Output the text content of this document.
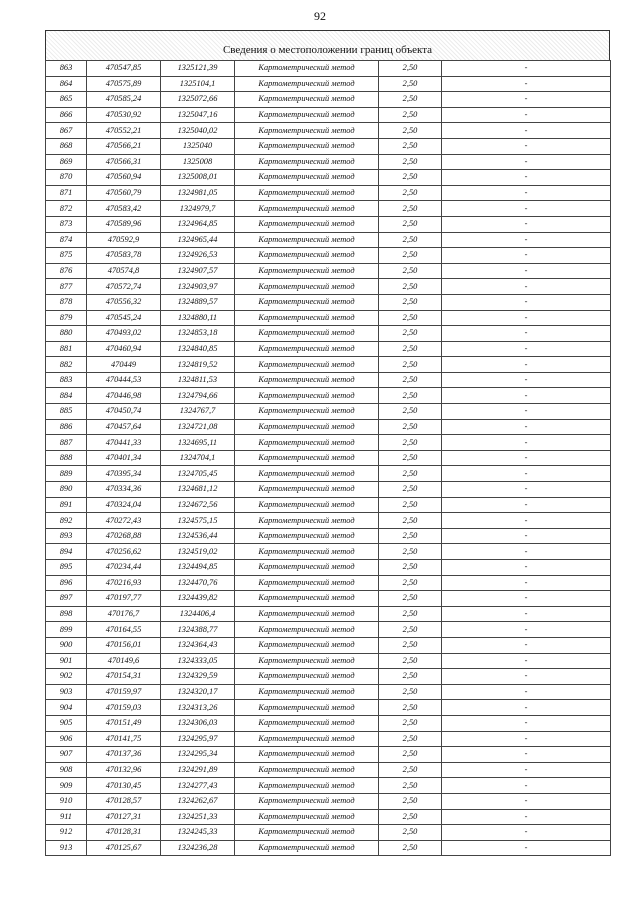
92
Сведения о местоположении границ объекта
863	470547,85	1325121,39	Картометрический метод	2,50	-
864	470575,89	1325104,1	Картометрический метод	2,50	-
865	470585,24	1325072,66	Картометрический метод	2,50	-
866	470530,92	1325047,16	Картометрический метод	2,50	-
867	470552,21	1325040,02	Картометрический метод	2,50	-
868	470566,21	1325040	Картометрический метод	2,50	-
869	470566,31	1325008	Картометрический метод	2,50	-
870	470560,94	1325008,01	Картометрический метод	2,50	-
871	470560,79	1324981,05	Картометрический метод	2,50	-
872	470583,42	1324979,7	Картометрический метод	2,50	-
873	470589,96	1324964,85	Картометрический метод	2,50	-
874	470592,9	1324965,44	Картометрический метод	2,50	-
875	470583,78	1324926,53	Картометрический метод	2,50	-
876	470574,8	1324907,57	Картометрический метод	2,50	-
877	470572,74	1324903,97	Картометрический метод	2,50	-
878	470556,32	1324889,57	Картометрический метод	2,50	-
879	470545,24	1324880,11	Картометрический метод	2,50	-
880	470493,02	1324853,18	Картометрический метод	2,50	-
881	470460,94	1324840,85	Картометрический метод	2,50	-
882	470449	1324819,52	Картометрический метод	2,50	-
883	470444,53	1324811,53	Картометрический метод	2,50	-
884	470446,98	1324794,66	Картометрический метод	2,50	-
885	470450,74	1324767,7	Картометрический метод	2,50	-
886	470457,64	1324721,08	Картометрический метод	2,50	-
887	470441,33	1324695,11	Картометрический метод	2,50	-
888	470401,34	1324704,1	Картометрический метод	2,50	-
889	470395,34	1324705,45	Картометрический метод	2,50	-
890	470334,36	1324681,12	Картометрический метод	2,50	-
891	470324,04	1324672,56	Картометрический метод	2,50	-
892	470272,43	1324575,15	Картометрический метод	2,50	-
893	470268,88	1324536,44	Картометрический метод	2,50	-
894	470256,62	1324519,02	Картометрический метод	2,50	-
895	470234,44	1324494,85	Картометрический метод	2,50	-
896	470216,93	1324470,76	Картометрический метод	2,50	-
897	470197,77	1324439,82	Картометрический метод	2,50	-
898	470176,7	1324406,4	Картометрический метод	2,50	-
899	470164,55	1324388,77	Картометрический метод	2,50	-
900	470156,01	1324364,43	Картометрический метод	2,50	-
901	470149,6	1324333,05	Картометрический метод	2,50	-
902	470154,31	1324329,59	Картометрический метод	2,50	-
903	470159,97	1324320,17	Картометрический метод	2,50	-
904	470159,03	1324313,26	Картометрический метод	2,50	-
905	470151,49	1324306,03	Картометрический метод	2,50	-
906	470141,75	1324295,97	Картометрический метод	2,50	-
907	470137,36	1324295,34	Картометрический метод	2,50	-
908	470132,96	1324291,89	Картометрический метод	2,50	-
909	470130,45	1324277,43	Картометрический метод	2,50	-
910	470128,57	1324262,67	Картометрический метод	2,50	-
911	470127,31	1324251,33	Картометрический метод	2,50	-
912	470128,31	1324245,33	Картометрический метод	2,50	-
913	470125,67	1324236,28	Картометрический метод	2,50	-
